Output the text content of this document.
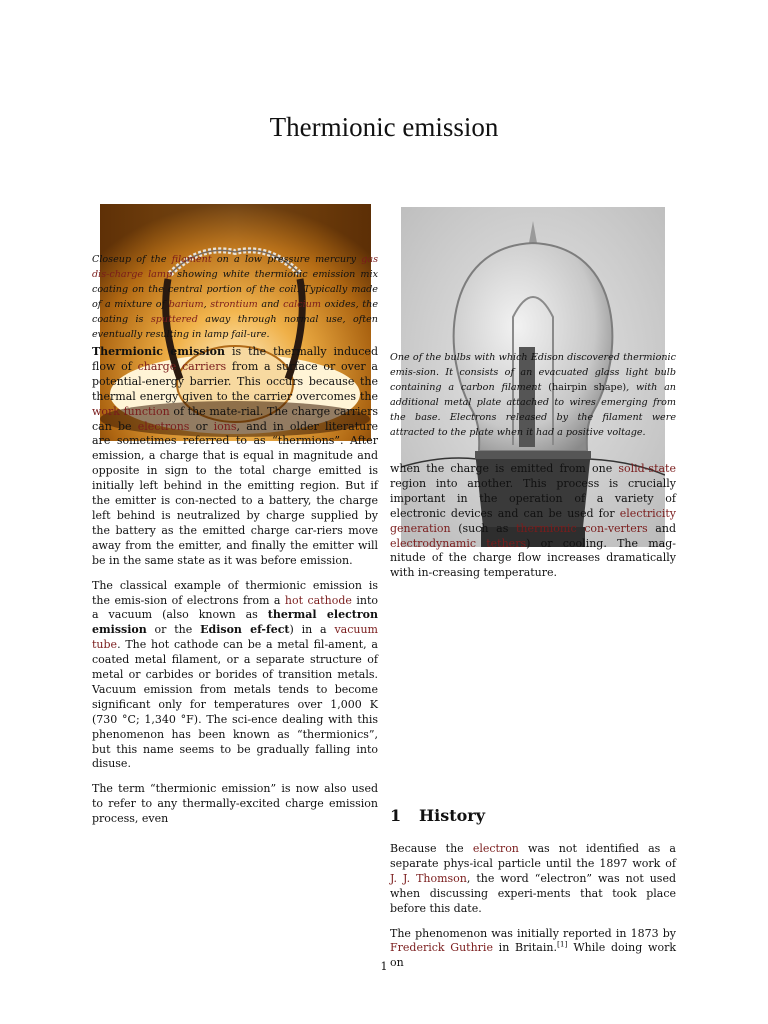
Thermionic emission

Closeup of the filament on a low pressure mercury gas dis-charge lamp showing white thermionic emission mix coating on the central portion of the coil. Typically made of a mixture of barium, strontium and calcium oxides, the coating is sputtered away through normal use, often eventually resulting in lamp fail-ure.

Thermionic emission is the thermally induced flow of charge carriers from a surface or over a potential-energy barrier. This occurs because the thermal energy given to the carrier overcomes the work function of the mate-rial. The charge carriers can be electrons or ions, and in older literature are sometimes referred to as “thermions”. After emission, a charge that is equal in magnitude and opposite in sign to the total charge emitted is initially left behind in the emitting region. But if the emitter is con-nected to a battery, the charge left behind is neutralized by charge supplied by the battery as the emitted charge car-riers move away from the emitter, and finally the emitter will be in the same state as it was before emission.

The classical example of thermionic emission is the emis-sion of electrons from a hot cathode into a vacuum (also known as thermal electron emission or the Edison ef-fect) in a vacuum tube. The hot cathode can be a metal fil-ament, a coated metal filament, or a separate structure of metal or carbides or borides of transition metals. Vacuum emission from metals tends to become significant only for temperatures over 1,000 K (730 °C; 1,340 °F). The sci-ence dealing with this phenomenon has been known as “thermionics”, but this name seems to be gradually falling into disuse.

The term “thermionic emission” is now also used to refer to any thermally-excited charge emission process, even

One of the bulbs with which Edison discovered thermionic emis-sion. It consists of an evacuated glass light bulb containing a carbon filament (hairpin shape), with an additional metal plate attached to wires emerging from the base. Electrons released by the filament were attracted to the plate when it had a positive voltage.

when the charge is emitted from one solid-state region into another. This process is crucially important in the operation of a variety of electronic devices and can be used for electricity generation (such as thermionic con-verters and electrodynamic tethers) or cooling. The mag-nitude of the charge flow increases dramatically with in-creasing temperature.

1 History

Because the electron was not identified as a separate phys-ical particle until the 1897 work of J. J. Thomson, the word “electron” was not used when discussing experi-ments that took place before this date.

The phenomenon was initially reported in 1873 by Frederick Guthrie in Britain.[1] While doing work on

1
